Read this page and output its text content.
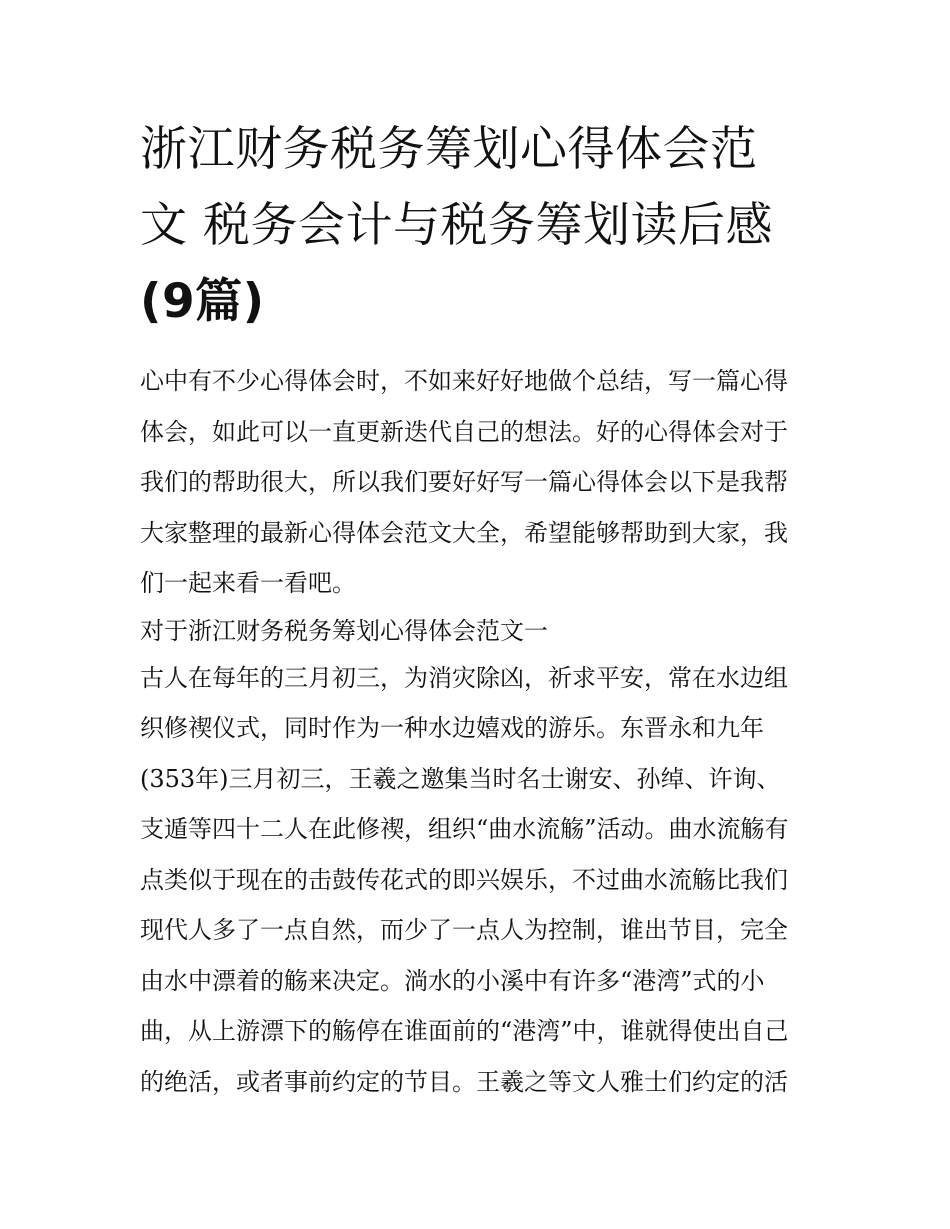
浙江财务税务筹划心得体会范
文 税务会计与税务筹划读后感
(9篇)
心中有不少心得体会时，不如来好好地做个总结，写一篇心得
体会，如此可以一直更新迭代自己的想法。好的心得体会对于
我们的帮助很大，所以我们要好好写一篇心得体会以下是我帮
大家整理的最新心得体会范文大全，希望能够帮助到大家，我
们一起来看一看吧。
对于浙江财务税务筹划心得体会范文一
古人在每年的三月初三，为消灾除凶，祈求平安，常在水边组
织修禊仪式，同时作为一种水边嬉戏的游乐。东晋永和九年
(353年)三月初三，王羲之邀集当时名士谢安、孙绰、许询、
支遁等四十二人在此修禊，组织“曲水流觞”活动。曲水流觞有
点类似于现在的击鼓传花式的即兴娱乐，不过曲水流觞比我们
现代人多了一点自然，而少了一点人为控制，谁出节目，完全
由水中漂着的觞来决定。淌水的小溪中有许多“港湾”式的小
曲，从上游漂下的觞停在谁面前的“港湾”中，谁就得使出自己
的绝活，或者事前约定的节目。王羲之等文人雅士们约定的活
